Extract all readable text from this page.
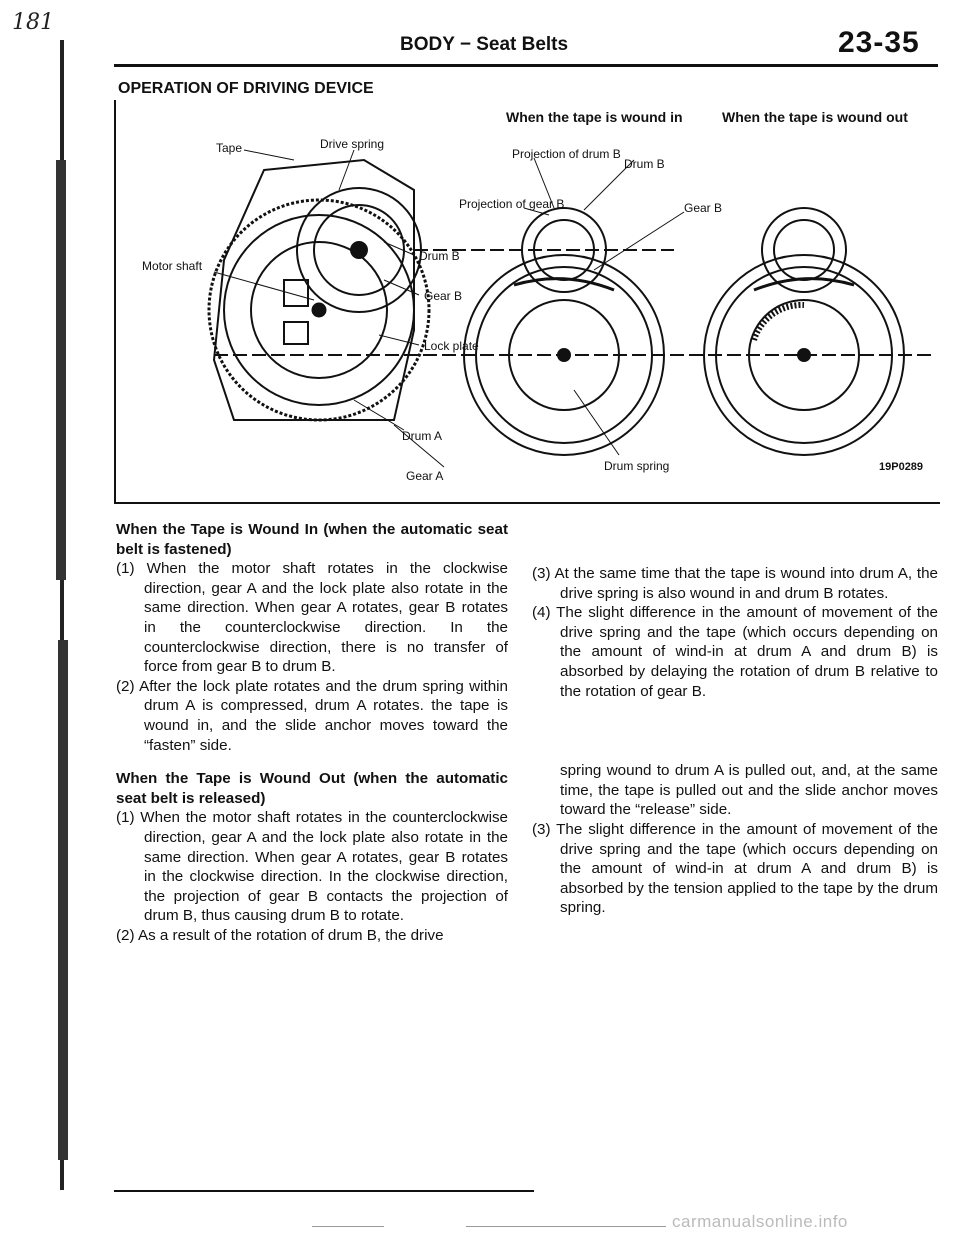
181
BODY − Seat Belts	23-35
OPERATION OF DRIVING DEVICE
When the tape is wound in	When the tape is wound out
Tape	Drive spring
Projection of drum B
Drum B
Projection of gear B	Gear B
Motor shaft
Drum B
Gear B
Lock plate
Drum A
Gear A
Drum spring	19P0289
When the Tape is Wound In (when the automatic seat belt is fastened)

(1) When the motor shaft rotates in the clockwise direction, gear A and the lock plate also rotate in the same direction. When gear A rotates, gear B rotates in the counterclockwise direction. In the counterclockwise direction, there is no transfer of force from gear B to drum B.

(2) After the lock plate rotates and the drum spring within drum A is compressed, drum A rotates. the tape is wound in, and the slide anchor moves toward the “fasten” side.

When the Tape is Wound Out (when the automatic seat belt is released)

(1) When the motor shaft rotates in the counterclockwise direction, gear A and the lock plate also rotate in the same direction. When gear A rotates, gear B rotates in the clockwise direction. In the clockwise direction, the projection of gear B contacts the projection of drum B, thus causing drum B to rotate.

(2) As a result of the rotation of drum B, the drive

(3) At the same time that the tape is wound into drum A, the drive spring is also wound in and drum B rotates.

(4) The slight difference in the amount of movement of the drive spring and the tape (which occurs depending on the amount of wind-in at drum A and drum B) is absorbed by delaying the rotation of drum B relative to the rotation of gear B.

spring wound to drum A is pulled out, and, at the same time, the tape is pulled out and the slide anchor moves toward the “release” side.

(3) The slight difference in the amount of movement of the drive spring and the tape (which occurs depending on the amount of wind-in at drum A and drum B) is absorbed by the tension applied to the tape by the drum spring.

carmanualsonline.info
